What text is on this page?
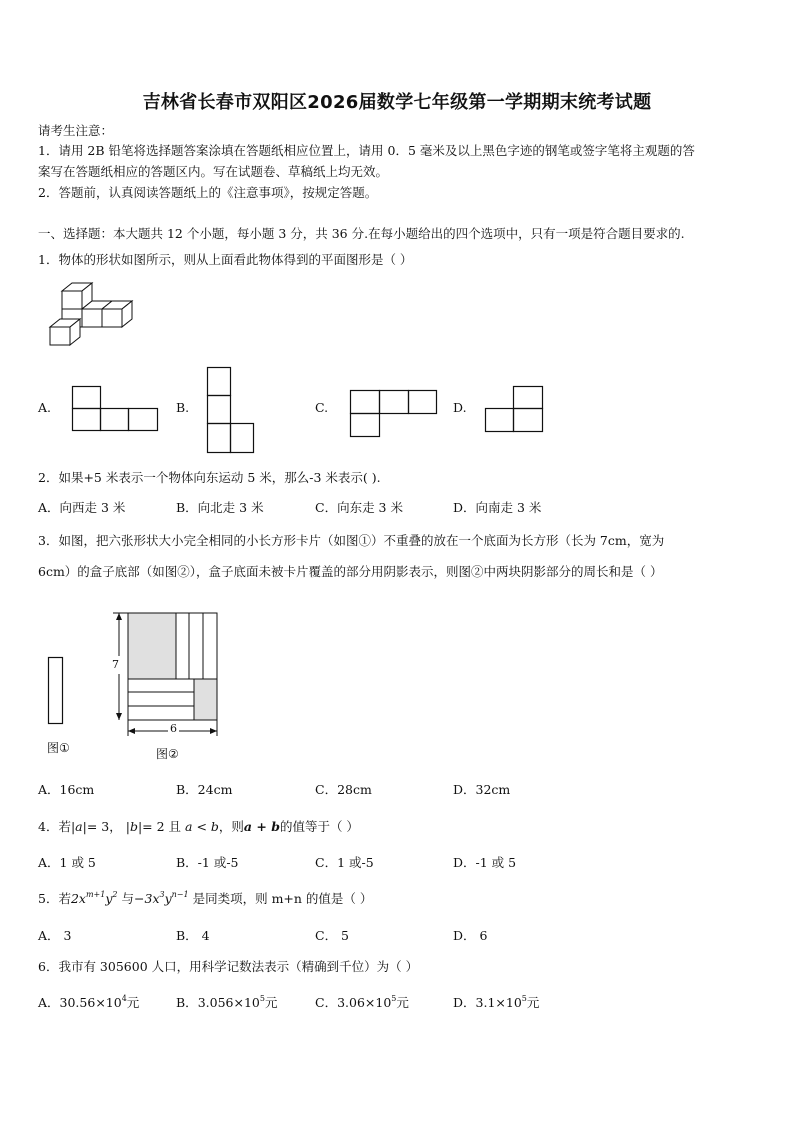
吉林省长春市双阳区2026届数学七年级第一学期期末统考试题
请考生注意：
1．请用 2B 铅笔将选择题答案涂填在答题纸相应位置上，请用 0．5 毫米及以上黑色字迹的钢笔或签字笔将主观题的答
案写在答题纸相应的答题区内。写在试题卷、草稿纸上均无效。
2．答题前，认真阅读答题纸上的《注意事项》，按规定答题。
一、选择题：本大题共 12 个小题，每小题 3 分，共 36 分.在每小题给出的四个选项中，只有一项是符合题目要求的.
1．物体的形状如图所示，则从上面看此物体得到的平面图形是（ ）
A.	B.	C.	D.
2．如果+5 米表示一个物体向东运动 5 米，那么-3 米表示( ).
A．向西走 3 米	B．向北走 3 米	C．向东走 3 米	D．向南走 3 米
3．如图，把六张形状大小完全相同的小长方形卡片（如图①）不重叠的放在一个底面为长方形（长为 7cm，宽为
6cm）的盒子底部（如图②），盒子底面未被卡片覆盖的部分用阴影表示，则图②中两块阴影部分的周长和是（ ）
图①
7
6
图②
A．16cm	B．24cm	C．28cm	D．32cm
4．若|a|= 3， |b|= 2 且 a < b，则a + b的值等于（ ）
A．1 或 5	B．-1 或-5	C．1 或-5	D．-1 或 5
5．若$2x^{m+1}y^2$ 与$-3x^3y^{n-1}$ 是同类项，则 m+n 的值是（ ）
A． 3	B． 4	C． 5	D． 6
6．我市有 305600 人口，用科学记数法表示（精确到千位）为（ ）
A．$30.56\times 10^4$元	B．$3.056\times 10^5$元	C．$3.06\times 10^5$元	D．$3.1\times 10^5$元
